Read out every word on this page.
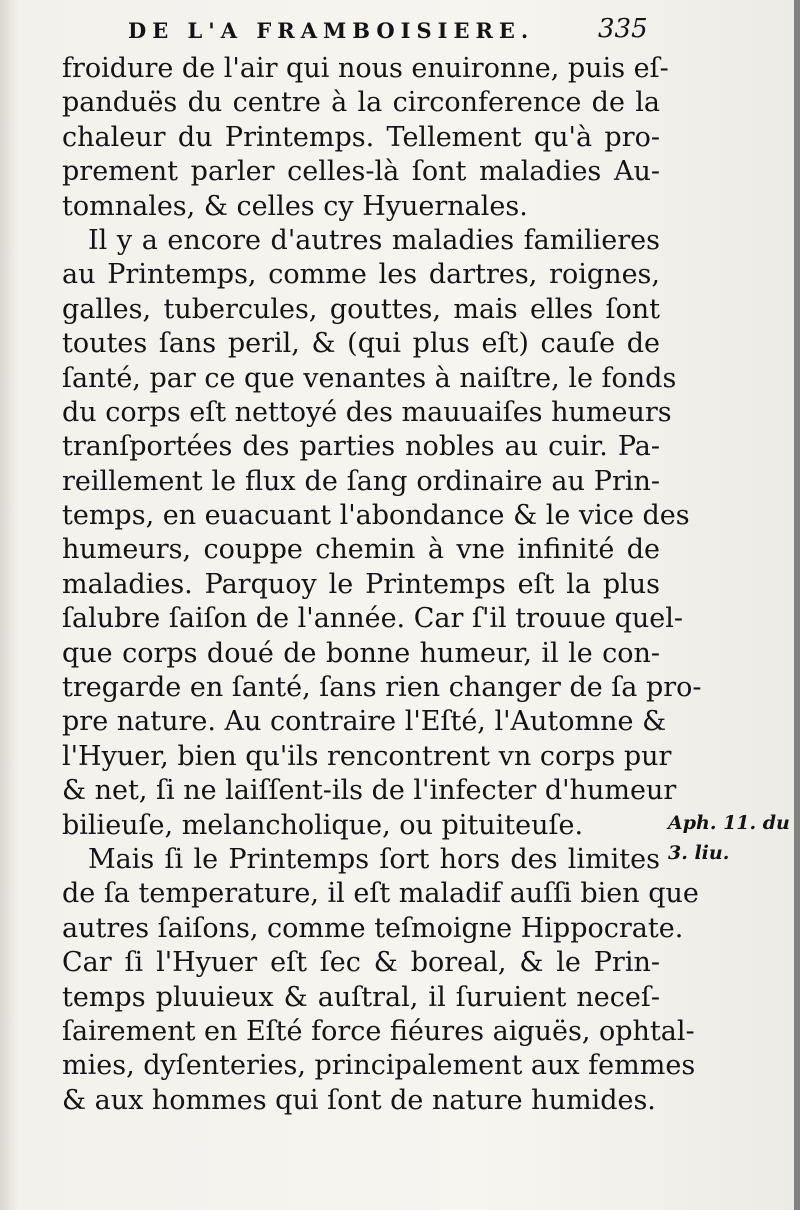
DE L'A FRAMBOISIERE.	335
froidure de l'air qui nous enuironne, puis eſ-
panduës du centre à la circonference de la
chaleur du Printemps. Tellement qu'à pro-
prement parler celles-là ſont maladies Au-
tomnales, & celles cy Hyuernales.
Il y a encore d'autres maladies familieres
au Printemps, comme les dartres, roignes,
galles, tubercules, gouttes, mais elles ſont
toutes ſans peril, & (qui plus eſt) cauſe de
ſanté, par ce que venantes à naiſtre, le fonds
du corps eſt nettoyé des mauuaiſes humeurs
tranſportées des parties nobles au cuir. Pa-
reillement le flux de ſang ordinaire au Prin-
temps, en euacuant l'abondance & le vice des
humeurs, couppe chemin à vne infinité de
maladies. Parquoy le Printemps eſt la plus
ſalubre ſaiſon de l'année. Car ſ'il trouue quel-
que corps doué de bonne humeur, il le con-
tregarde en ſanté, ſans rien changer de ſa pro-
pre nature. Au contraire l'Eſté, l'Automne &
l'Hyuer, bien qu'ils rencontrent vn corps pur
& net, ſi ne laiſſent-ils de l'infecter d'humeur
bilieuſe, melancholique, ou pituiteuſe.
Mais ſi le Printemps ſort hors des limites
de ſa temperature, il eſt maladif auſſi bien que
autres ſaiſons, comme teſmoigne Hippocrate.
Car ſi l'Hyuer eſt ſec & boreal, & le Prin-
temps pluuieux & auſtral, il ſuruient neceſ-
ſairement en Eſté force fiéures aiguës, ophtal-
mies, dyſenteries, principalement aux femmes
& aux hommes qui ſont de nature humides.
Aph. 11. du
3. liu.
